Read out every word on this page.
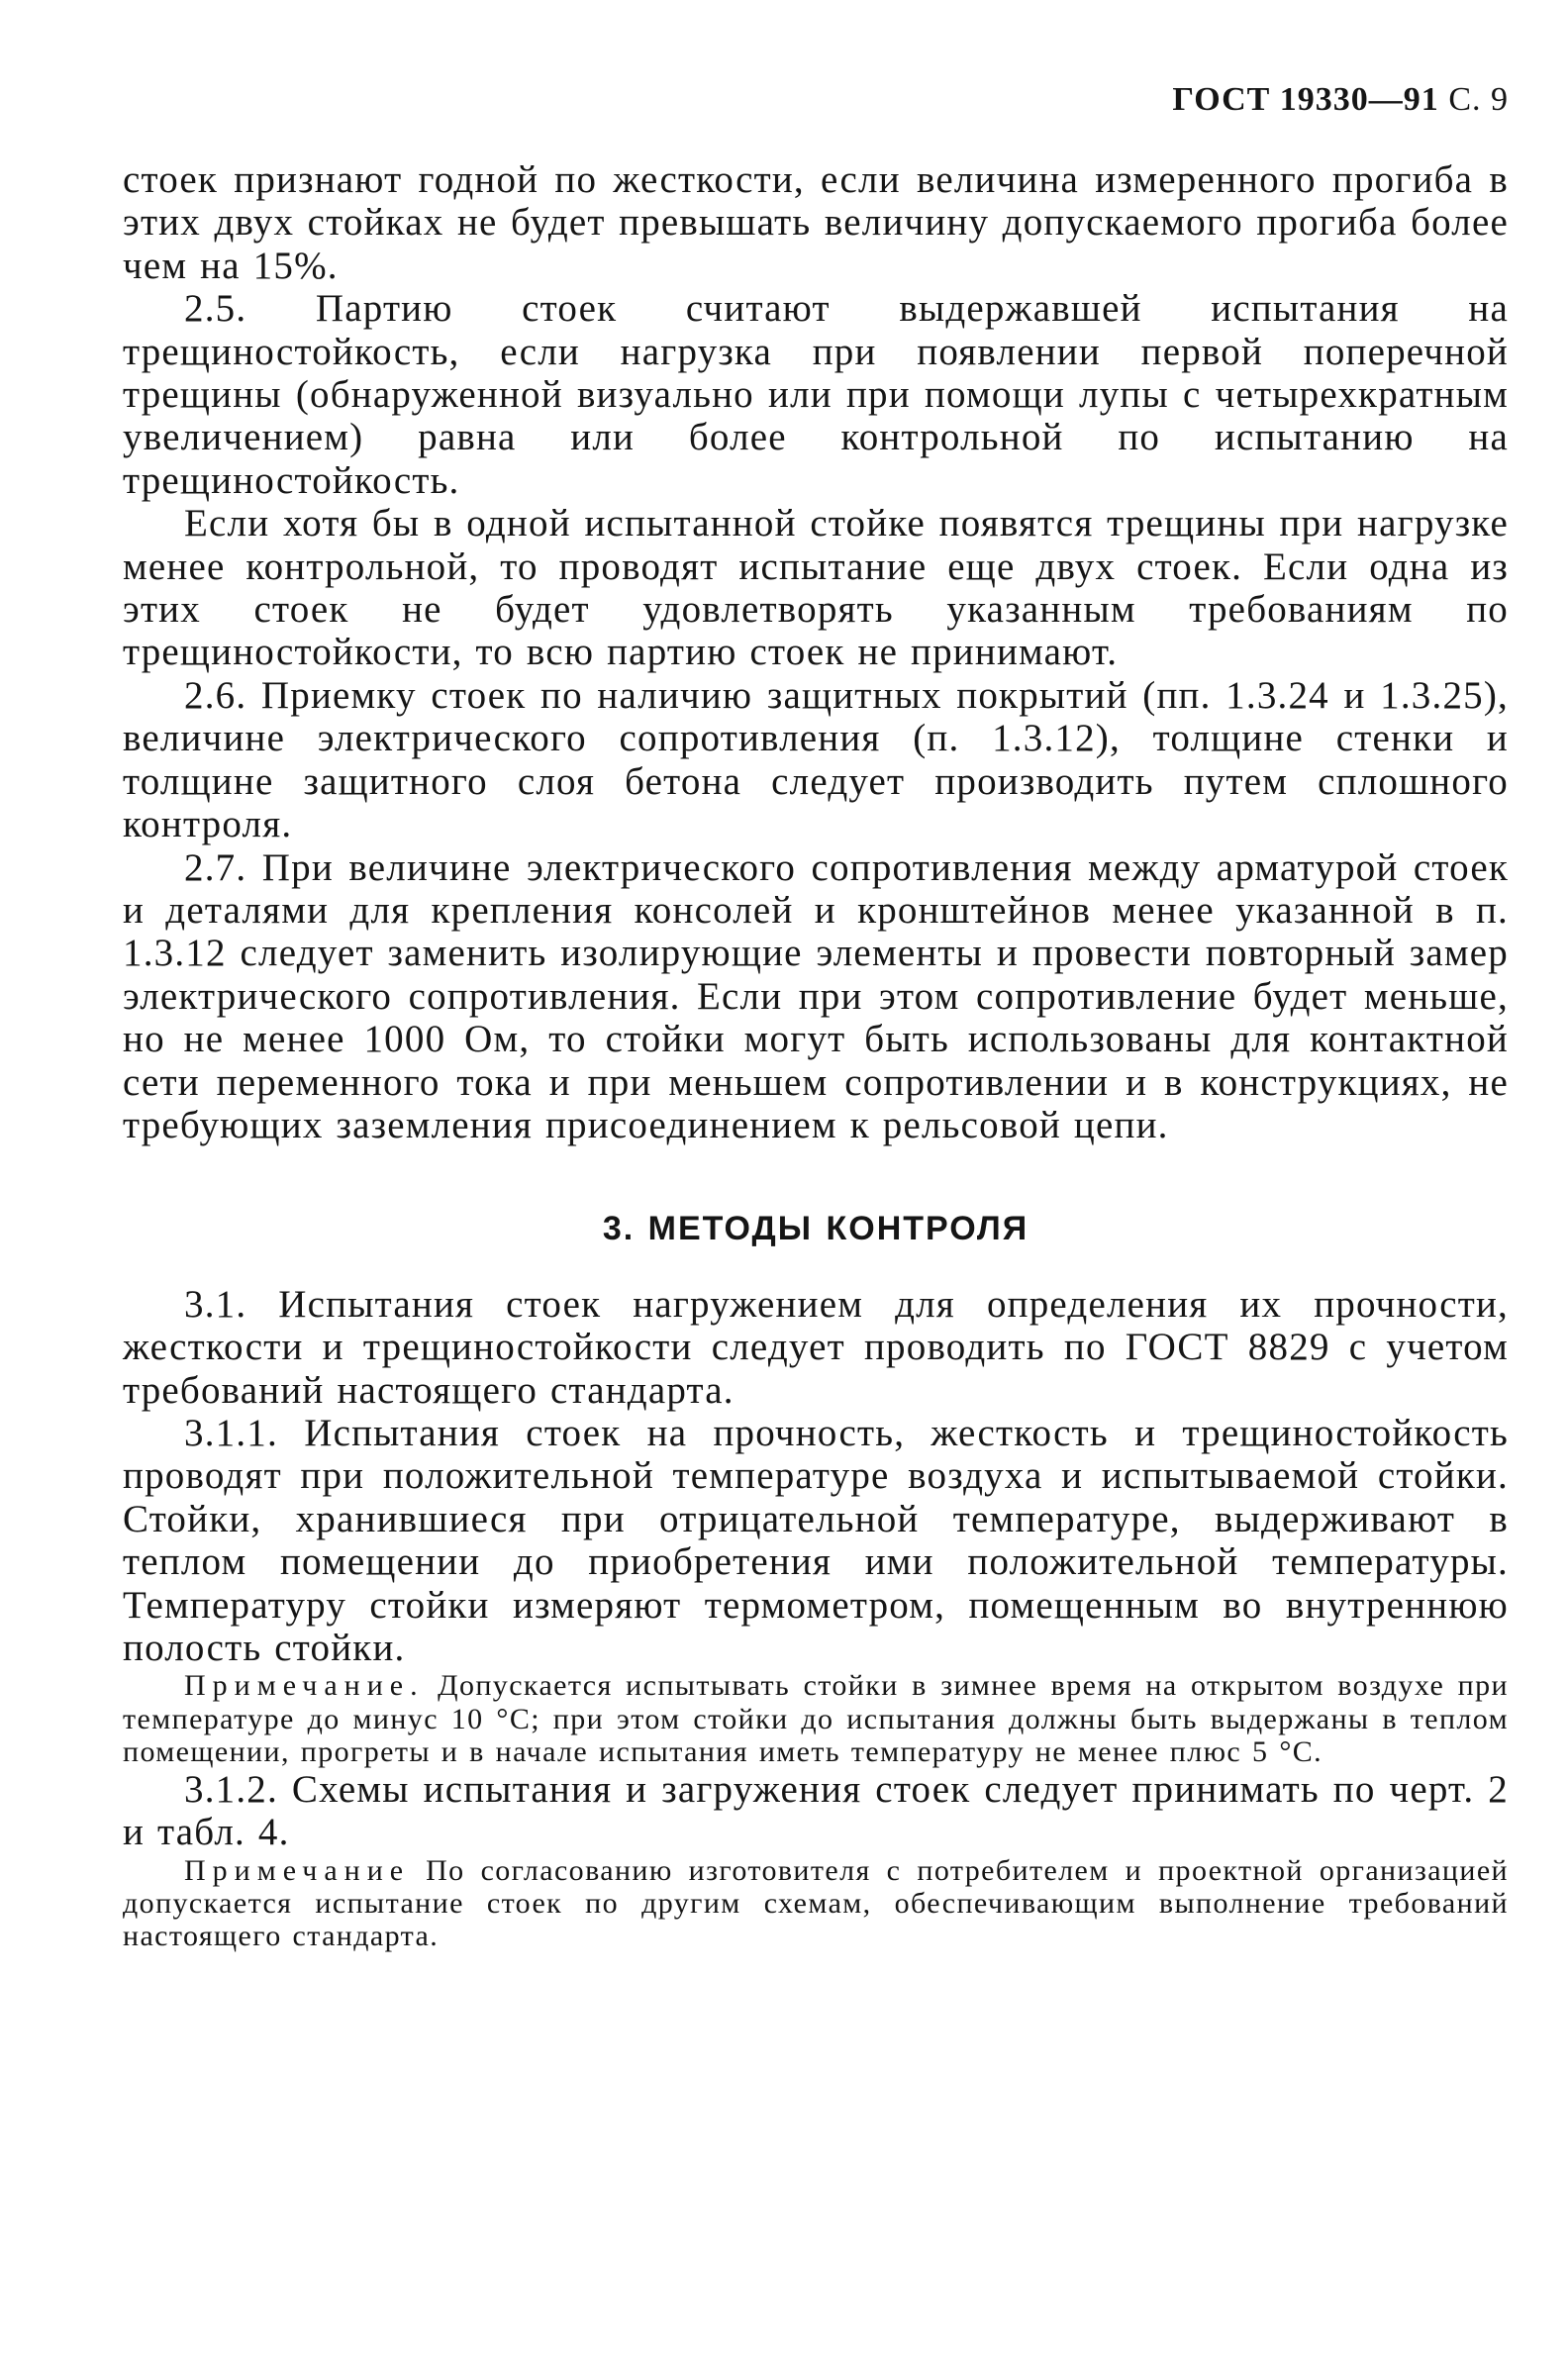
ГОСТ 19330—91 С. 9

стоек признают годной по жесткости, если величина измеренного прогиба в этих двух стойках не будет превышать величину допускаемого прогиба более чем на 15%.

2.5. Партию стоек считают выдержавшей испытания на трещиностойкость, если нагрузка при появлении первой поперечной трещины (обнаруженной визуально или при помощи лупы с четырехкратным увеличением) равна или более контрольной по испытанию на трещиностойкость.

Если хотя бы в одной испытанной стойке появятся трещины при нагрузке менее контрольной, то проводят испытание еще двух стоек. Если одна из этих стоек не будет удовлетворять указанным требованиям по трещиностойкости, то всю партию стоек не принимают.

2.6. Приемку стоек по наличию защитных покрытий (пп. 1.3.24 и 1.3.25), величине электрического сопротивления (п. 1.3.12), толщине стенки и толщине защитного слоя бетона следует производить путем сплошного контроля.

2.7. При величине электрического сопротивления между арматурой стоек и деталями для крепления консолей и кронштейнов менее указанной в п. 1.3.12 следует заменить изолирующие элементы и провести повторный замер электрического сопротивления. Если при этом сопротивление будет меньше, но не менее 1000 Ом, то стойки могут быть использованы для контактной сети переменного тока и при меньшем сопротивлении и в конструкциях, не требующих заземления присоединением к рельсовой цепи.

3. МЕТОДЫ КОНТРОЛЯ

3.1. Испытания стоек нагружением для определения их прочности, жесткости и трещиностойкости следует проводить по ГОСТ 8829 с учетом требований настоящего стандарта.

3.1.1. Испытания стоек на прочность, жесткость и трещиностойкость проводят при положительной температуре воздуха и испытываемой стойки. Стойки, хранившиеся при отрицательной температуре, выдерживают в теплом помещении до приобретения ими положительной температуры. Температуру стойки измеряют термометром, помещенным во внутреннюю полость стойки.

Примечание. Допускается испытывать стойки в зимнее время на открытом воздухе при температуре до минус 10 °С; при этом стойки до испытания должны быть выдержаны в теплом помещении, прогреты и в начале испытания иметь температуру не менее плюс 5 °С.

3.1.2. Схемы испытания и загружения стоек следует принимать по черт. 2 и табл. 4.

Примечание По согласованию изготовителя с потребителем и проектной организацией допускается испытание стоек по другим схемам, обеспечивающим выполнение требований настоящего стандарта.
